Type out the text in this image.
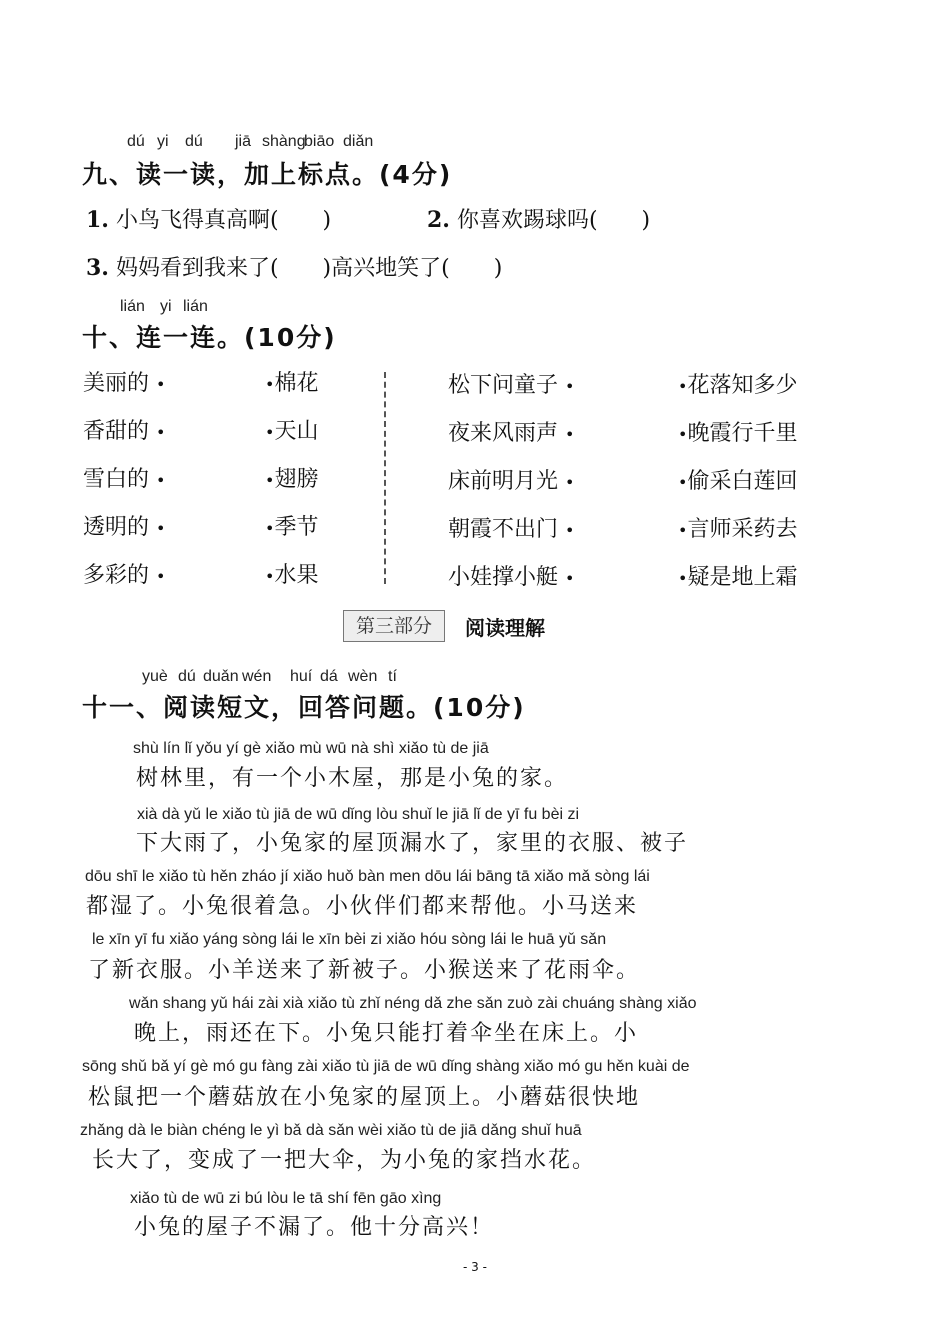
dú yi dú jiā shàng
biāo diǎn
九、读一读，加上标点。(4分)
1. 小鸟飞得真高啊(　　)	2. 你喜欢踢球吗(　　)
3. 妈妈看到我来了(　　)高兴地笑了(　　)
lián yi lián
十、连一连。(10分)
美丽的 •	•棉花
香甜的 •	•天山
雪白的 •	•翅膀
透明的 •	•季节
多彩的 •	•水果
松下问童子 •	•花落知多少
夜来风雨声 •	•晚霞行千里
床前明月光 •	•偷采白莲回
朝霞不出门 •	•言师采药去
小娃撑小艇 •	•疑是地上霜
第三部分	阅读理解
yuè dú duǎn wén huí dá wèn tí
十一、阅读短文，回答问题。(10分)
shù lín lǐ yǒu yí gè xiǎo mù wū nà shì xiǎo tù de jiā
树林里，有一个小木屋，那是小兔的家。
xià dà yǔ le xiǎo tù jiā de wū dǐng lòu shuǐ le jiā lǐ de yī fu bèi zi
下大雨了，小兔家的屋顶漏水了，家里的衣服、被子
dōu shī le xiǎo tù hěn zháo jí xiǎo huǒ bàn men dōu lái bāng tā xiǎo mǎ sòng lái
都湿了。小兔很着急。小伙伴们都来帮他。小马送来
le xīn yī fu xiǎo yáng sòng lái le xīn bèi zi xiǎo hóu sòng lái le huā yǔ sǎn
了新衣服。小羊送来了新被子。小猴送来了花雨伞。
wǎn shang yǔ hái zài xià xiǎo tù zhǐ néng dǎ zhe sǎn zuò zài chuáng shàng xiǎo
晚上，雨还在下。小兔只能打着伞坐在床上。小
sōng shǔ bǎ yí gè mó gu fàng zài xiǎo tù jiā de wū dǐng shàng xiǎo mó gu hěn kuài de
松鼠把一个蘑菇放在小兔家的屋顶上。小蘑菇很快地
zhǎng dà le biàn chéng le yì bǎ dà sǎn wèi xiǎo tù de jiā dǎng shuǐ huā
长大了，变成了一把大伞，为小兔的家挡水花。
xiǎo tù de wū zi bú lòu le tā shí fēn gāo xìng
小兔的屋子不漏了。他十分高兴！
- 3 -
